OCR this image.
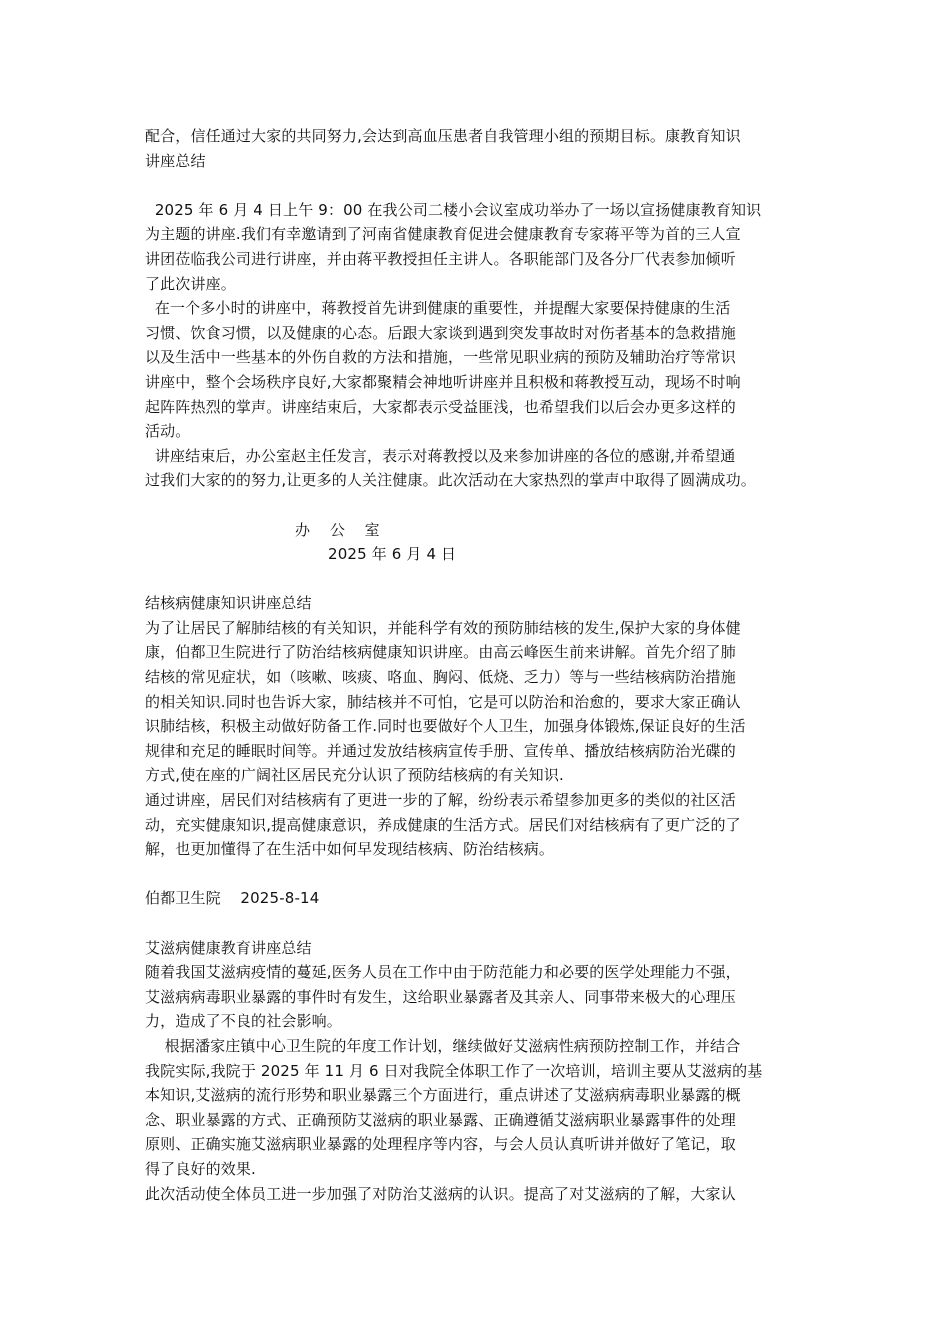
配合，信任通过大家的共同努力,会达到高血压患者自我管理小组的预期目标。康教育知识
讲座总结
2025 年 6 月 4 日上午 9：00 在我公司二楼小会议室成功举办了一场以宣扬健康教育知识
为主题的讲座.我们有幸邀请到了河南省健康教育促进会健康教育专家蒋平等为首的三人宣
讲团莅临我公司进行讲座，并由蒋平教授担任主讲人。各职能部门及各分厂代表参加倾听
了此次讲座。
在一个多小时的讲座中，蒋教授首先讲到健康的重要性，并提醒大家要保持健康的生活
习惯、饮食习惯，以及健康的心态。后跟大家谈到遇到突发事故时对伤者基本的急救措施
以及生活中一些基本的外伤自救的方法和措施，一些常见职业病的预防及辅助治疗等常识
讲座中，整个会场秩序良好,大家都聚精会神地听讲座并且积极和蒋教授互动，现场不时响
起阵阵热烈的掌声。讲座结束后，大家都表示受益匪浅，也希望我们以后会办更多这样的
活动。
讲座结束后，办公室赵主任发言，表示对蒋教授以及来参加讲座的各位的感谢,并希望通
过我们大家的的努力,让更多的人关注健康。此次活动在大家热烈的掌声中取得了圆满成功。
办    公    室
2025 年 6 月 4 日
结核病健康知识讲座总结
为了让居民了解肺结核的有关知识，并能科学有效的预防肺结核的发生,保护大家的身体健
康，伯都卫生院进行了防治结核病健康知识讲座。由高云峰医生前来讲解。首先介绍了肺
结核的常见症状，如（咳嗽、咳痰、咯血、胸闷、低烧、乏力）等与一些结核病防治措施
的相关知识.同时也告诉大家，肺结核并不可怕，它是可以防治和治愈的，要求大家正确认
识肺结核，积极主动做好防备工作.同时也要做好个人卫生，加强身体锻炼,保证良好的生活
规律和充足的睡眠时间等。并通过发放结核病宣传手册、宣传单、播放结核病防治光碟的
方式,使在座的广阔社区居民充分认识了预防结核病的有关知识.
通过讲座，居民们对结核病有了更进一步的了解，纷纷表示希望参加更多的类似的社区活
动，充实健康知识,提高健康意识，养成健康的生活方式。居民们对结核病有了更广泛的了
解，也更加懂得了在生活中如何早发现结核病、防治结核病。
伯都卫生院    2025-8-14
艾滋病健康教育讲座总结
随着我国艾滋病疫情的蔓延,医务人员在工作中由于防范能力和必要的医学处理能力不强，
艾滋病病毒职业暴露的事件时有发生，这给职业暴露者及其亲人、同事带来极大的心理压
力，造成了不良的社会影响。
根据潘家庄镇中心卫生院的年度工作计划，继续做好艾滋病性病预防控制工作，并结合
我院实际,我院于 2025 年 11 月 6 日对我院全体职工作了一次培训，培训主要从艾滋病的基
本知识,艾滋病的流行形势和职业暴露三个方面进行，重点讲述了艾滋病病毒职业暴露的概
念、职业暴露的方式、正确预防艾滋病的职业暴露、正确遵循艾滋病职业暴露事件的处理
原则、正确实施艾滋病职业暴露的处理程序等内容，与会人员认真听讲并做好了笔记，取
得了良好的效果.
此次活动使全体员工进一步加强了对防治艾滋病的认识。提高了对艾滋病的了解，大家认
